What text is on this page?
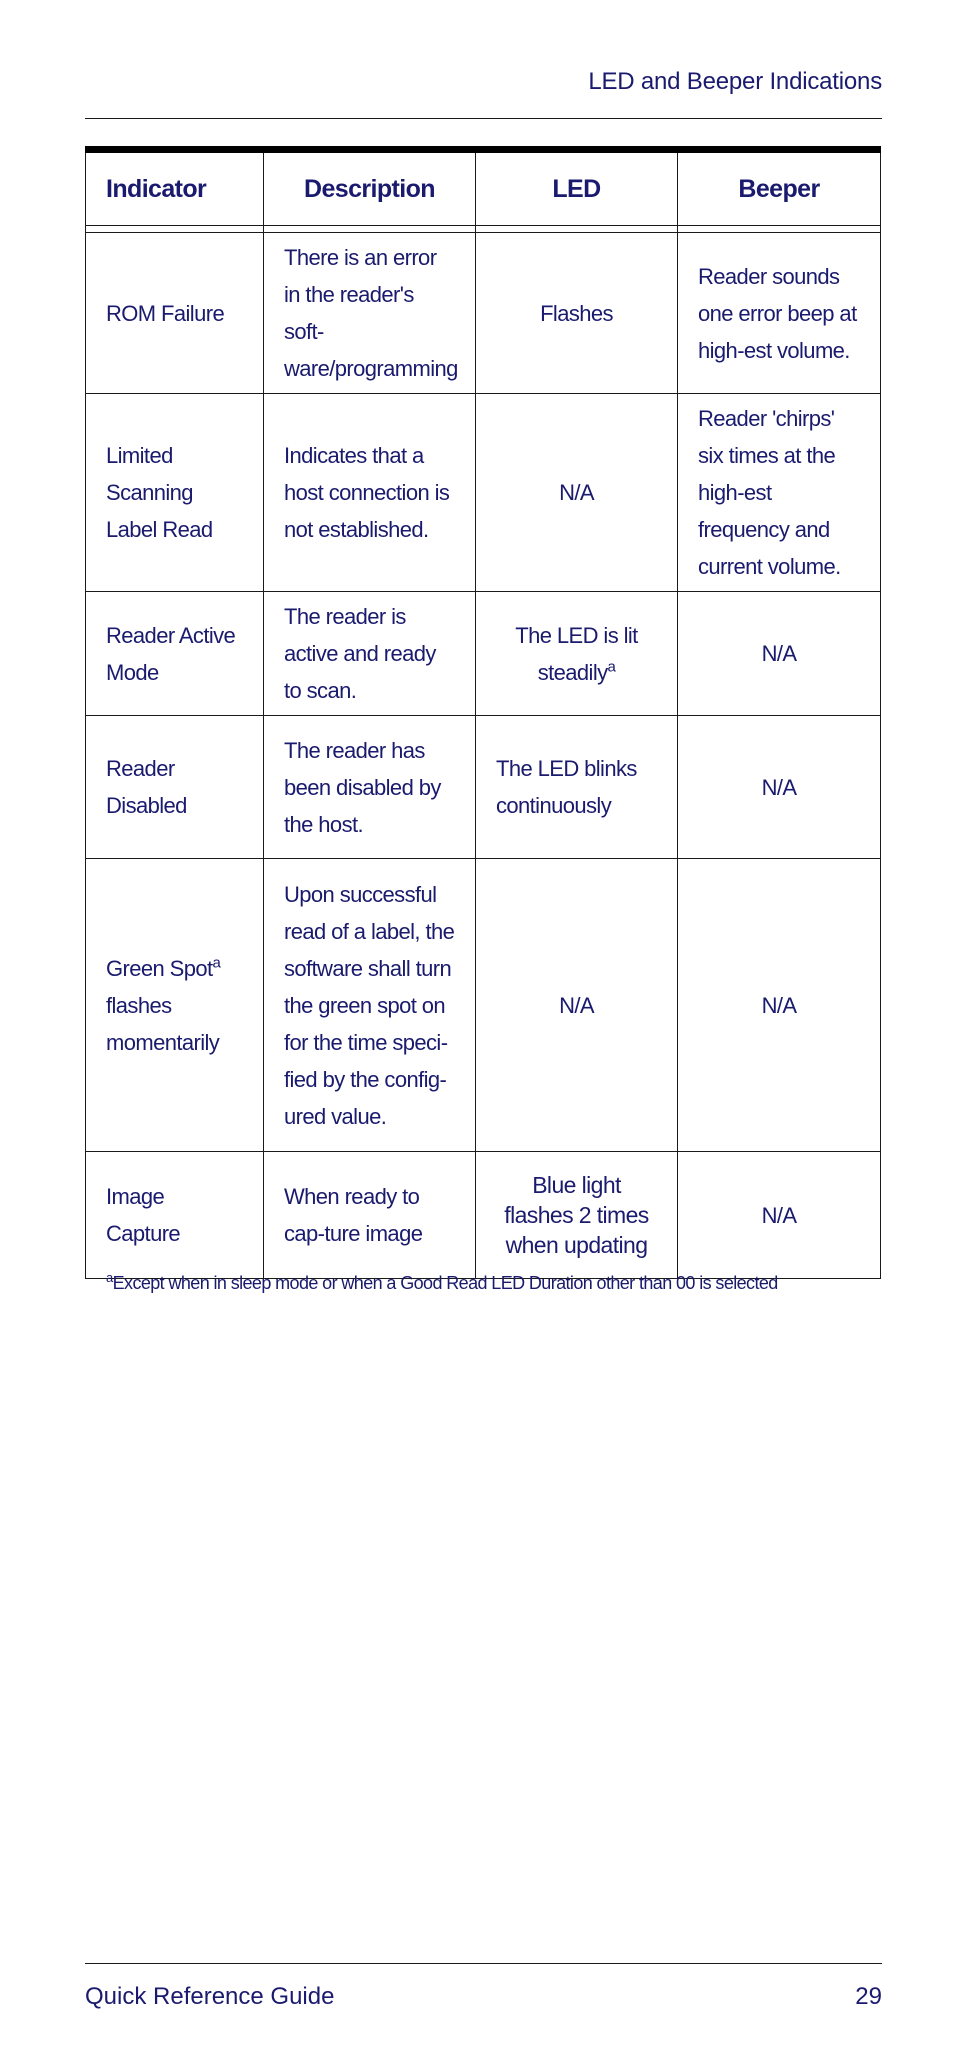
LED and Beeper Indications
Indicator	Description	LED	Beeper

ROM Failure	There is an error in the reader's soft-ware/programming	Flashes	Reader sounds one error beep at high-est volume.
Limited Scanning Label Read	Indicates that a host connection is not established.	N/A	Reader 'chirps' six times at the high-est frequency and current volume.
Reader Active Mode	The reader is active and ready to scan.	The LED is lit steadily$^a$	N/A
Reader Disabled	The reader has been disabled by the host.	The LED blinks continuously	N/A
Green Spot$^a$ flashes momentarily	Upon successful read of a label, the software shall turn the green spot on for the time speci-fied by the config-ured value.	N/A	N/A
Image Capture	When ready to cap-ture image	Blue light flashes 2 times when updating	N/A
$^a$Except when in sleep mode or when a Good Read LED Duration other than 00 is selected
Quick Reference Guide	29
